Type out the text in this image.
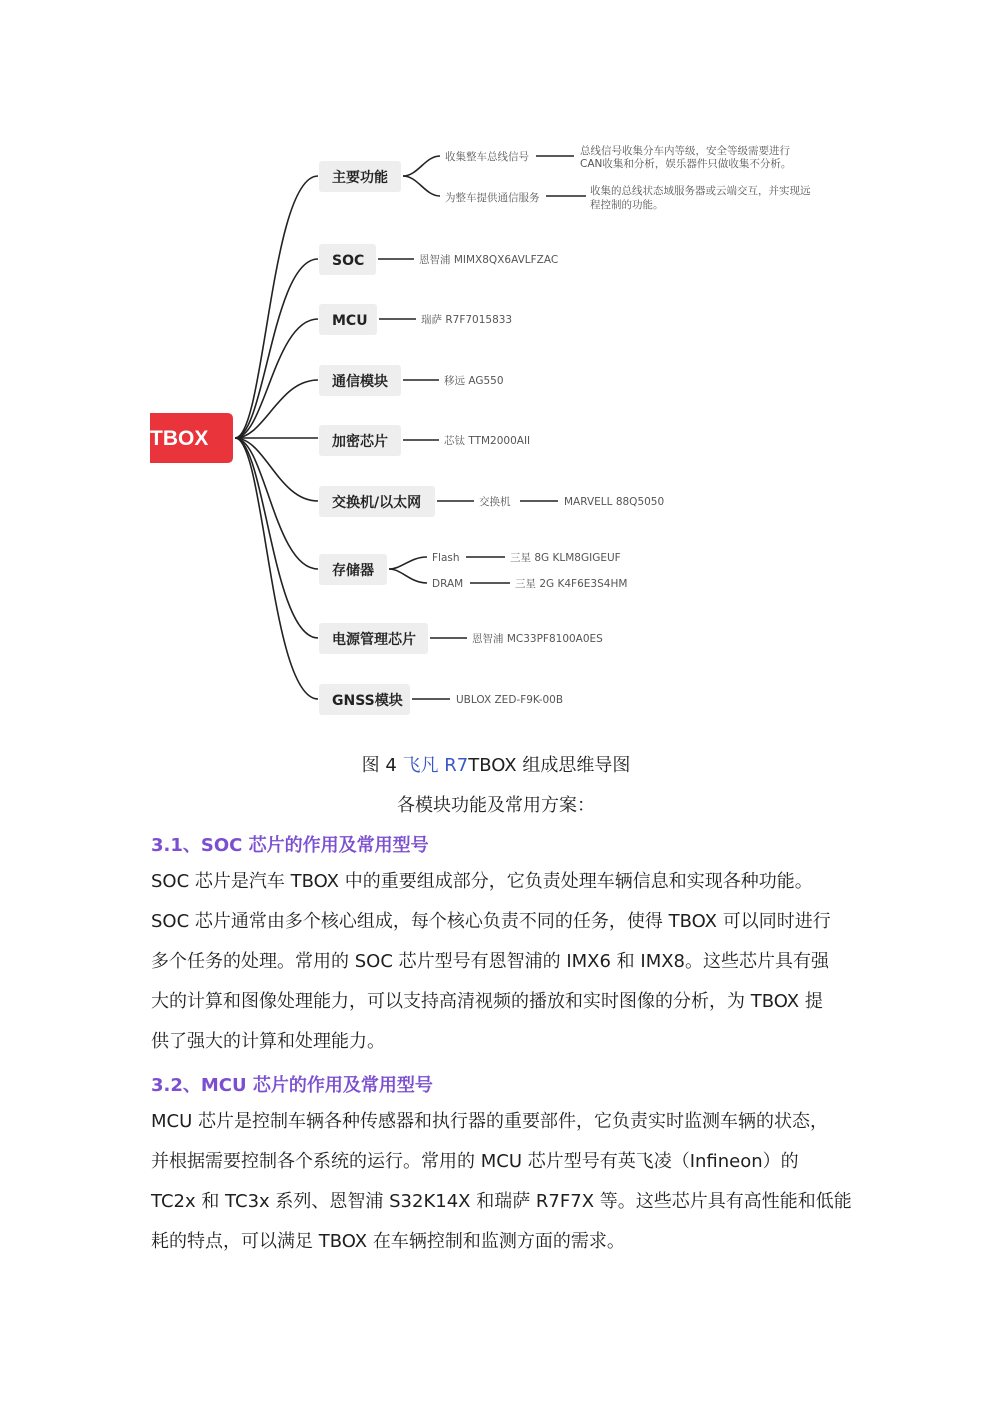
TBOX
主要功能
SOC
MCU
通信模块
加密芯片
交换机/以太网
存储器
电源管理芯片
GNSS模块
收集整车总线信号	总线信号收集分车内等级，安全等级需要进行
CAN收集和分析，娱乐器件只做收集不分析。
为整车提供通信服务
收集的总线状态域服务器或云端交互，并实现远
程控制的功能。
恩智浦 MIMX8QX6AVLFZAC
瑞萨 R7F7015833
移远 AG550
芯钛 TTM2000AII
交换机	MARVELL 88Q5050
Flash	三星 8G KLM8GIGEUF
DRAM	三星 2G K4F6E3S4HM
恩智浦 MC33PF8100A0ES
UBLOX ZED-F9K-00B
图 4 飞凡 R7TBOX 组成思维导图
各模块功能及常用方案：
3.1、SOC 芯片的作用及常用型号
SOC 芯片是汽车 TBOX 中的重要组成部分，它负责处理车辆信息和实现各种功能。
SOC 芯片通常由多个核心组成，每个核心负责不同的任务，使得 TBOX 可以同时进行
多个任务的处理。常用的 SOC 芯片型号有恩智浦的 IMX6 和 IMX8。这些芯片具有强
大的计算和图像处理能力，可以支持高清视频的播放和实时图像的分析，为 TBOX 提
供了强大的计算和处理能力。
3.2、MCU 芯片的作用及常用型号
MCU 芯片是控制车辆各种传感器和执行器的重要部件，它负责实时监测车辆的状态，
并根据需要控制各个系统的运行。常用的 MCU 芯片型号有英飞凌（Infineon）的
TC2x 和 TC3x 系列、恩智浦 S32K14X 和瑞萨 R7F7X 等。这些芯片具有高性能和低能
耗的特点，可以满足 TBOX 在车辆控制和监测方面的需求。
